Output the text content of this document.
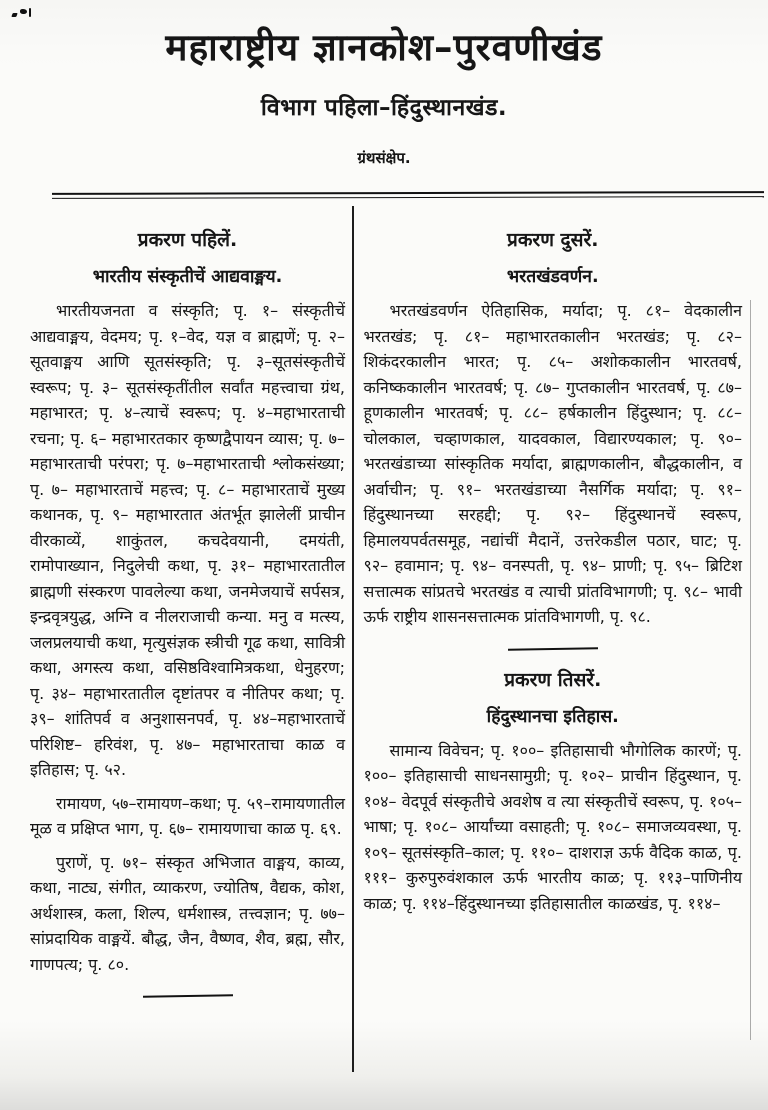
महाराष्ट्रीय ज्ञानकोश–पुरवणीखंड
विभाग पहिला–हिंदुस्थानखंड.
ग्रंथसंक्षेप.
प्रकरण पहिलें.
भारतीय संस्कृतीचें आद्यवाङ्मय.

भारतीयजनता व संस्कृति; पृ. १– संस्कृतीचें आद्यवाङ्मय, वेदमय; पृ. १–वेद, यज्ञ व ब्राह्मणें; पृ. २– सूतवाङ्मय आणि सूतसंस्कृति; पृ. ३–सूतसंस्कृतीचें स्वरूप; पृ. ३– सूतसंस्कृतींतील सर्वांत महत्त्वाचा ग्रंथ, महाभारत; पृ. ४–त्याचें स्वरूप; पृ. ४–महाभारताची रचना; पृ. ६– महाभारतकार कृष्णद्वैपायन व्यास; पृ. ७– महाभारताची परंपरा; पृ. ७–महाभारताची श्लोकसंख्या; पृ. ७– महाभारताचें महत्त्व; पृ. ८– महाभारताचें मुख्य कथानक, पृ. ९– महाभारतात अंतर्भूत झालेलीं प्राचीन वीरकाव्यें, शाकुंतल, कचदेवयानी, दमयंती, रामोपाख्यान, निदुलेची कथा, पृ. ३१– महाभारतातील ब्राह्मणी संस्करण पावलेल्या कथा, जनमेजयाचें सर्पसत्र, इन्द्रवृत्रयुद्ध, अग्नि व नीलराजाची कन्या. मनु व मत्स्य, जलप्रलयाची कथा, मृत्युसंज्ञक स्त्रीची गूढ कथा, सावित्री कथा, अगस्त्य कथा, वसिष्ठविश्वामित्रकथा, धेनुहरण; पृ. ३४– महाभारतातील दृष्टांतपर व नीतिपर कथा; पृ. ३९– शांतिपर्व व अनुशासनपर्व, पृ. ४४–महाभारताचें परिशिष्ट– हरिवंश, पृ. ४७– महाभारताचा काळ व इतिहास; पृ. ५२.

रामायण, ५७–रामायण–कथा; पृ. ५९–रामायणातील मूळ व प्रक्षिप्त भाग, पृ. ६७– रामायणाचा काळ पृ. ६९.

पुराणें, पृ. ७१– संस्कृत अभिजात वाङ्मय, काव्य, कथा, नाट्य, संगीत, व्याकरण, ज्योतिष, वैद्यक, कोश, अर्थशास्त्र, कला, शिल्प, धर्मशास्त्र, तत्त्वज्ञान; पृ. ७७– सांप्रदायिक वाङ्मयें. बौद्ध, जैन, वैष्णव, शैव, ब्रह्म, सौर, गाणपत्य; पृ. ८०.

प्रकरण दुसरें.
भरतखंडवर्णन.

भरतखंडवर्णन ऐतिहासिक, मर्यादा; पृ. ८१– वेदकालीन भरतखंड; पृ. ८१– महाभारतकालीन भरतखंड; पृ. ८२– शिकंदरकालीन भारत; पृ. ८५– अशोककालीन भारतवर्ष, कनिष्ककालीन भारतवर्ष; पृ. ८७– गुप्तकालीन भारतवर्ष, पृ. ८७– हूणकालीन भारतवर्ष; पृ. ८८– हर्षकालीन हिंदुस्थान; पृ. ८८– चोलकाल, चव्हाणकाल, यादवकाल, विद्यारण्यकाल; पृ. ९०– भरतखंडाच्या सांस्कृतिक मर्यादा, ब्राह्मणकालीन, बौद्धकालीन, व अर्वाचीन; पृ. ९१– भरतखंडाच्या नैसर्गिक मर्यादा; पृ. ९१– हिंदुस्थानच्या सरहद्दी; पृ. ९२– हिंदुस्थानचें स्वरूप, हिमालयपर्वतसमूह, नद्यांचीं मैदानें, उत्तरेकडील पठार, घाट; पृ. ९२– हवामान; पृ. ९४– वनस्पती, पृ. ९४– प्राणी; पृ. ९५– ब्रिटिश सत्तात्मक सांप्रतचे भरतखंड व त्याची प्रांतविभागणी; पृ. ९८– भावी ऊर्फ राष्ट्रीय शासनसत्तात्मक प्रांतविभागणी, पृ. ९८.

प्रकरण तिसरें.
हिंदुस्थानचा इतिहास.

सामान्य विवेचन; पृ. १००– इतिहासाची भौगोलिक कारणें; पृ. १००– इतिहासाची साधनसामुग्री; पृ. १०२– प्राचीन हिंदुस्थान, पृ. १०४– वेदपूर्व संस्कृतीचे अवशेष व त्या संस्कृतीचें स्वरूप, पृ. १०५– भाषा; पृ. १०८– आर्यांच्या वसाहती; पृ. १०८– समाजव्यवस्था, पृ. १०९– सूतसंस्कृति–काल; पृ. ११०– दाशराज्ञ ऊर्फ वैदिक काळ, पृ. १११– कुरुपुरुवंशकाल ऊर्फ भारतीय काळ; पृ. ११३–पाणिनीय काळ; पृ. ११४–हिंदुस्थानच्या इतिहासातील काळखंड, पृ. ११४–
